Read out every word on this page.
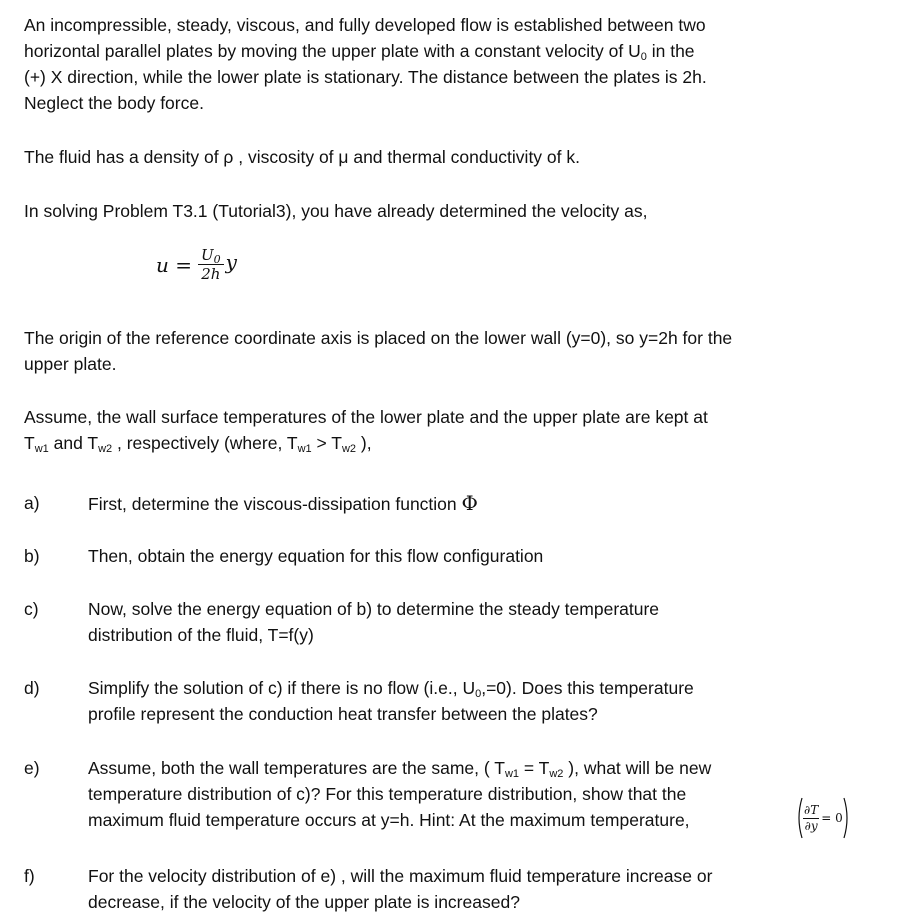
An incompressible, steady, viscous, and fully developed flow is established between two
horizontal parallel plates by moving the upper plate with a constant velocity of $U_0$ in the
(+) X direction, while the lower plate is stationary. The distance between the plates is 2h.
Neglect the body force.
The fluid has a density of ρ , viscosity of μ and thermal conductivity of k.
In solving Problem T3.1 (Tutorial3), you have already determined the velocity as,
$u = \frac{U_0}{2h}$ y
The origin of the reference coordinate axis is placed on the lower wall (y=0), so y=2h for the
upper plate.
Assume, the wall surface temperatures of the lower plate and the upper plate are kept at
$T_{w1}$ and $T_{w2}$ , respectively (where, $T_{w1} > T_{w2}$ ),
a)	First, determine the viscous-dissipation function Φ
b)	Then, obtain the energy equation for this flow configuration
c)	Now, solve the energy equation of b) to determine the steady temperature
distribution of the fluid, T=f(y)
d)	Simplify the solution of c) if there is no flow (i.e., $U_0,=0$). Does this temperature
profile represent the conduction heat transfer between the plates?
e)	Assume, both the wall temperatures are the same, ( $T_{w1} = T_{w2}$ ), what will be new
temperature distribution of c)? For this temperature distribution, show that the
maximum fluid temperature occurs at y=h. Hint: At the maximum temperature,	$\frac{\partial T}{\partial y} = 0$
f)	For the velocity distribution of e) , will the maximum fluid temperature increase or
decrease, if the velocity of the upper plate is increased?
